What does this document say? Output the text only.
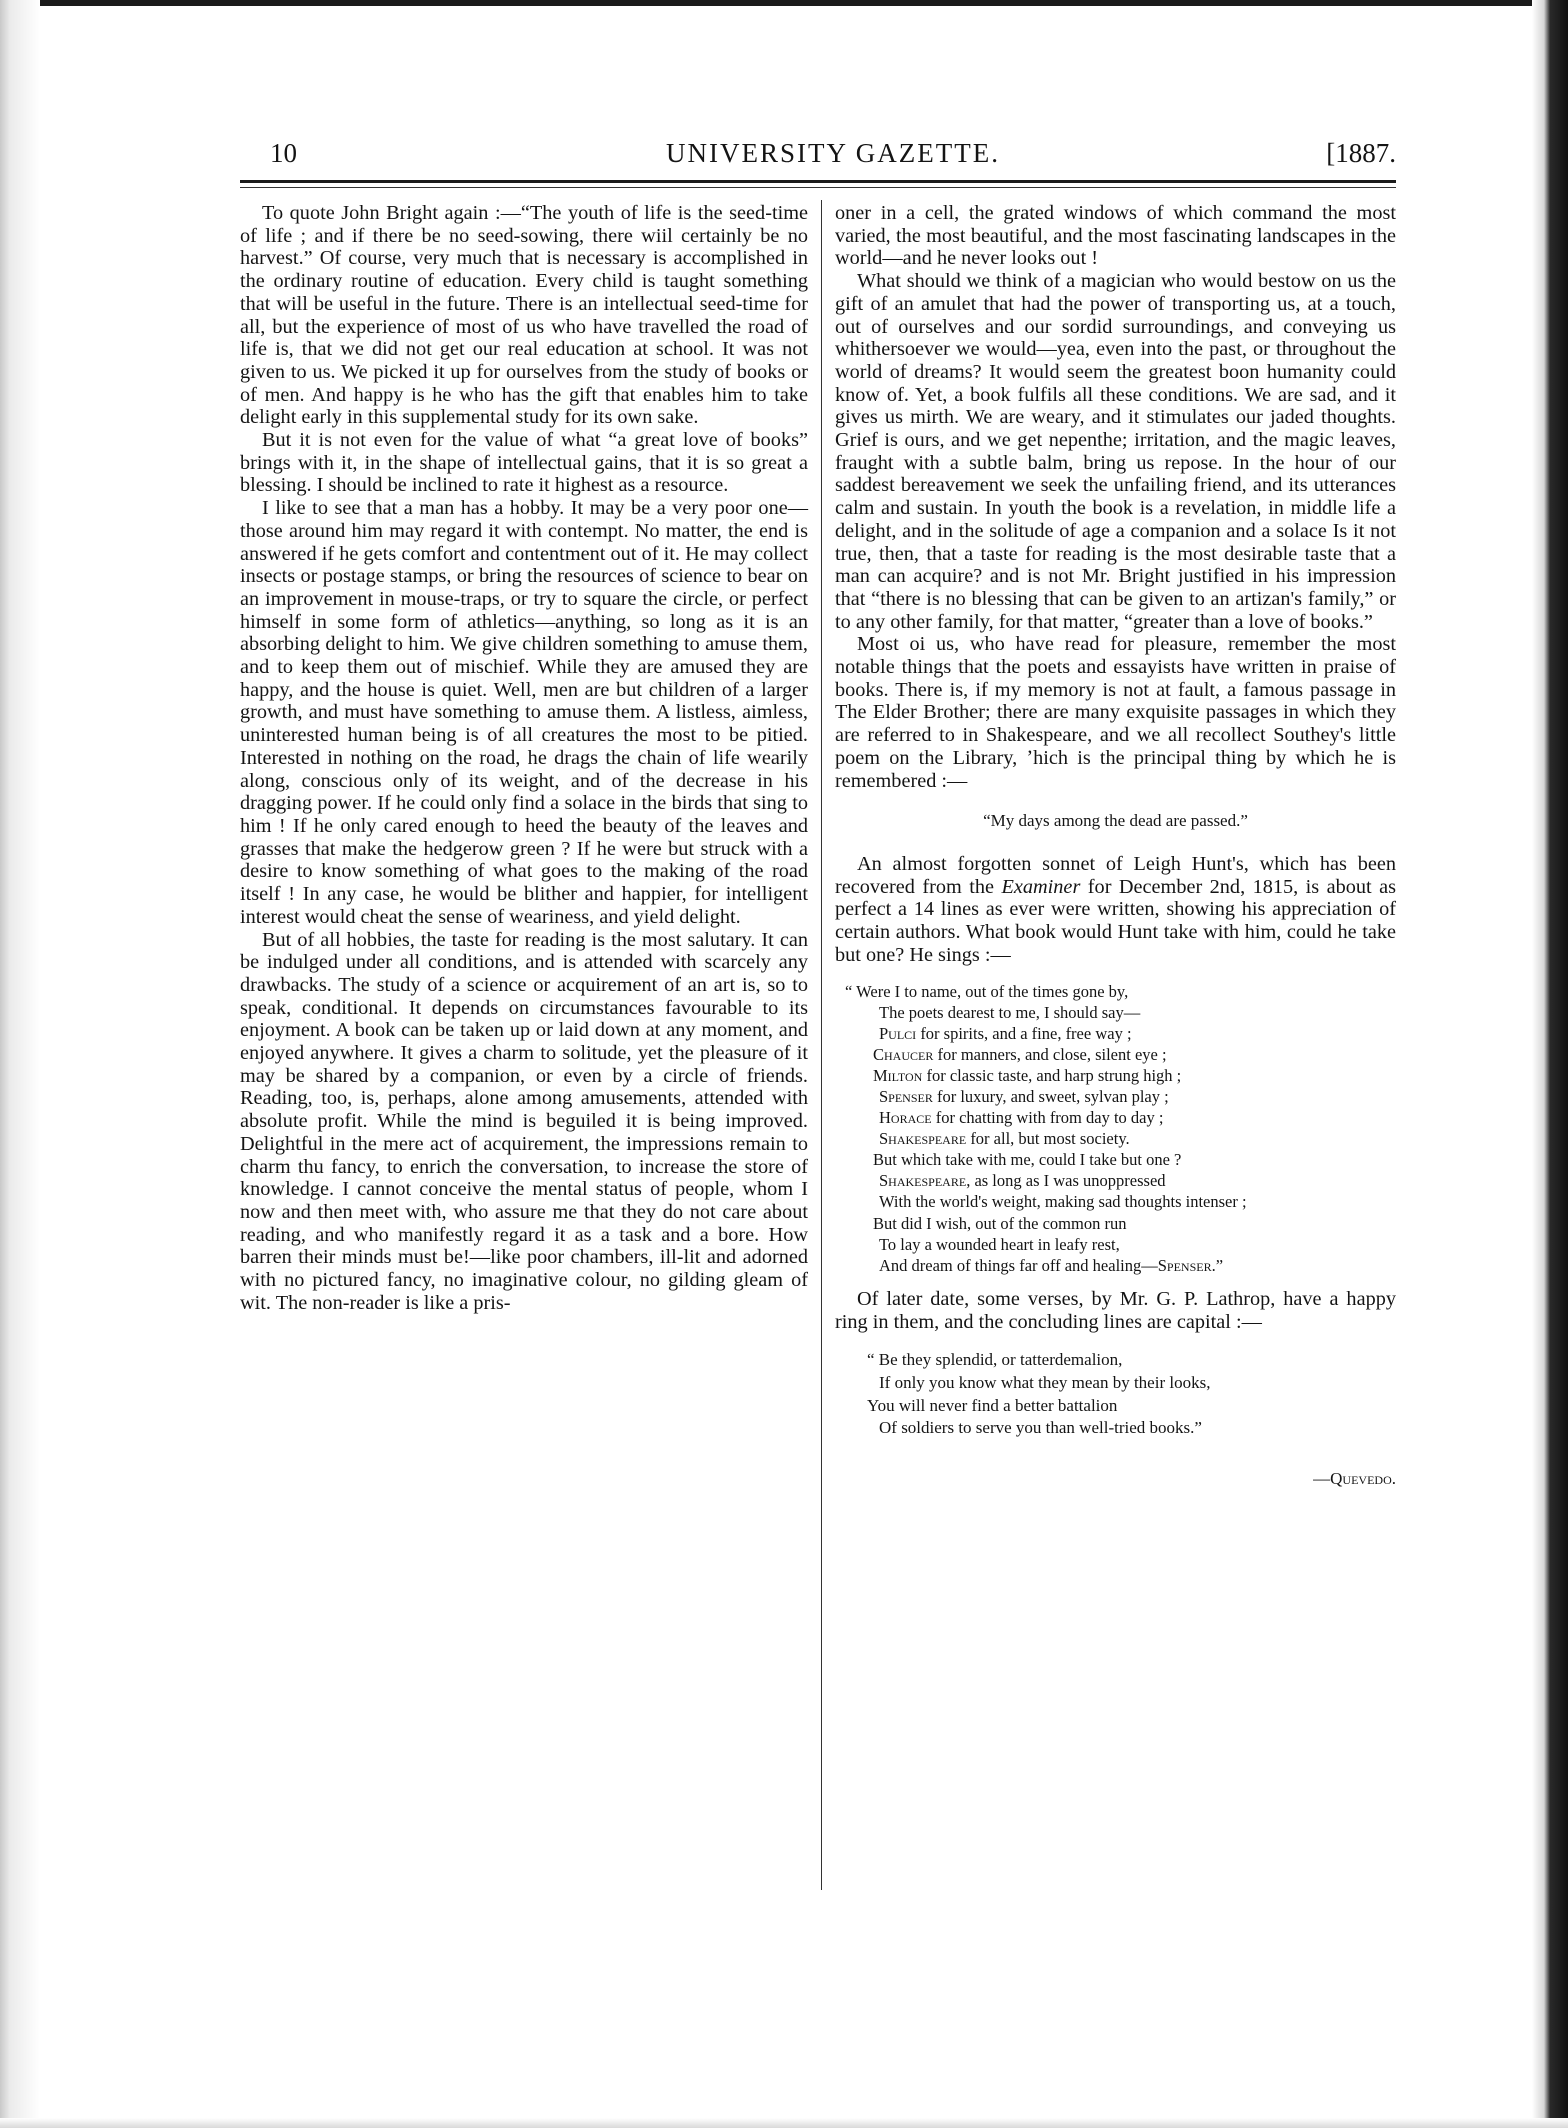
10	UNIVERSITY GAZETTE.	[1887.

To quote John Bright again :—“The youth of life is the seed-time of life ; and if there be no seed-sowing, there wiil certainly be no harvest.” Of course, very much that is necessary is accomplished in the ordinary routine of education. Every child is taught something that will be useful in the future. There is an intellectual seed-time for all, but the experience of most of us who have travelled the road of life is, that we did not get our real education at school. It was not given to us. We picked it up for ourselves from the study of books or of men. And happy is he who has the gift that enables him to take delight early in this supplemental study for its own sake.

But it is not even for the value of what “a great love of books” brings with it, in the shape of intellectual gains, that it is so great a blessing. I should be inclined to rate it highest as a resource.

I like to see that a man has a hobby. It may be a very poor one—those around him may regard it with contempt. No matter, the end is answered if he gets comfort and contentment out of it. He may collect insects or postage stamps, or bring the resources of science to bear on an improvement in mouse-traps, or try to square the circle, or perfect himself in some form of athletics—anything, so long as it is an absorbing delight to him. We give children something to amuse them, and to keep them out of mischief. While they are amused they are happy, and the house is quiet. Well, men are but children of a larger growth, and must have something to amuse them. A listless, aimless, uninterested human being is of all creatures the most to be pitied. Interested in nothing on the road, he drags the chain of life wearily along, conscious only of its weight, and of the decrease in his dragging power. If he could only find a solace in the birds that sing to him ! If he only cared enough to heed the beauty of the leaves and grasses that make the hedgerow green ? If he were but struck with a desire to know something of what goes to the making of the road itself ! In any case, he would be blither and happier, for intelligent interest would cheat the sense of weariness, and yield delight.

But of all hobbies, the taste for reading is the most salutary. It can be indulged under all conditions, and is attended with scarcely any drawbacks. The study of a science or acquirement of an art is, so to speak, conditional. It depends on circumstances favourable to its enjoyment. A book can be taken up or laid down at any moment, and enjoyed anywhere. It gives a charm to solitude, yet the pleasure of it may be shared by a companion, or even by a circle of friends. Reading, too, is, perhaps, alone among amusements, attended with absolute profit. While the mind is beguiled it is being improved. Delightful in the mere act of acquirement, the impressions remain to charm thu fancy, to enrich the conversation, to increase the store of knowledge. I cannot conceive the mental status of people, whom I now and then meet with, who assure me that they do not care about reading, and who manifestly regard it as a task and a bore. How barren their minds must be!—like poor chambers, ill-lit and adorned with no pictured fancy, no imaginative colour, no gilding gleam of wit. The non-reader is like a pris-

oner in a cell, the grated windows of which command the most varied, the most beautiful, and the most fascinating landscapes in the world—and he never looks out !

What should we think of a magician who would bestow on us the gift of an amulet that had the power of transporting us, at a touch, out of ourselves and our sordid surroundings, and conveying us whithersoever we would—yea, even into the past, or throughout the world of dreams? It would seem the greatest boon humanity could know of. Yet, a book fulfils all these conditions. We are sad, and it gives us mirth. We are weary, and it stimulates our jaded thoughts. Grief is ours, and we get nepenthe; irritation, and the magic leaves, fraught with a subtle balm, bring us repose. In the hour of our saddest bereavement we seek the unfailing friend, and its utterances calm and sustain. In youth the book is a revelation, in middle life a delight, and in the solitude of age a companion and a solace Is it not true, then, that a taste for reading is the most desirable taste that a man can acquire? and is not Mr. Bright justified in his impression that “there is no blessing that can be given to an artizan's family,” or to any other family, for that matter, “greater than a love of books.”

Most oi us, who have read for pleasure, remember the most notable things that the poets and essayists have written in praise of books. There is, if my memory is not at fault, a famous passage in The Elder Brother; there are many exquisite passages in which they are referred to in Shakespeare, and we all recollect Southey's little poem on the Library, ʼhich is the principal thing by which he is remembered :—

“My days among the dead are passed.”

An almost forgotten sonnet of Leigh Hunt's, which has been recovered from the Examiner for December 2nd, 1815, is about as perfect a 14 lines as ever were written, showing his appreciation of certain authors. What book would Hunt take with him, could he take but one? He sings :—

“ Were I to name, out of the times gone by,
The poets dearest to me, I should say—
Pulci for spirits, and a fine, free way ;
Chaucer for manners, and close, silent eye ;
Milton for classic taste, and harp strung high ;
Spenser for luxury, and sweet, sylvan play ;
Horace for chatting with from day to day ;
Shakespeare for all, but most society.
But which take with me, could I take but one ?
Shakespeare, as long as I was unoppressed
With the world's weight, making sad thoughts intenser ;
But did I wish, out of the common run
To lay a wounded heart in leafy rest,
And dream of things far off and healing—Spenser.”

Of later date, some verses, by Mr. G. P. Lathrop, have a happy ring in them, and the concluding lines are capital :—

“ Be they splendid, or tatterdemalion,
If only you know what they mean by their looks,
You will never find a better battalion
Of soldiers to serve you than well-tried books.”
—Quevedo.
